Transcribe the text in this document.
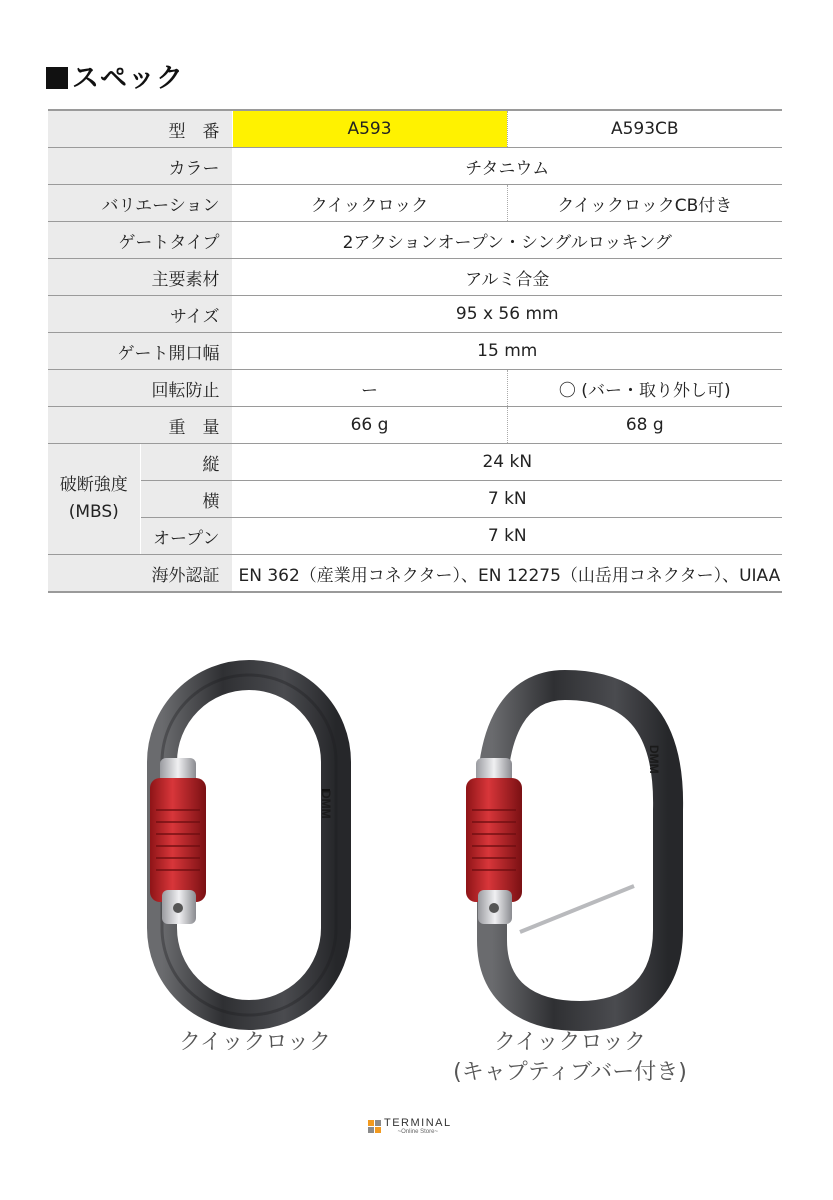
スペック
型　番		A593	A593CB
カラー		チタニウム	
バリエーション		クイックロック	クイックロックCB付き
ゲートタイプ		2アクションオープン・シングルロッキング	
主要素材		アルミ合金	
サイズ		95 x 56 mm	
ゲート開口幅		15 mm	
回転防止		ー	〇 (バー・取り外し可)
重　量		66 g	68 g

破断強度
(MBS)	縦	24 kN	
	横	7 kN	
	オープン	7 kN	
海外認証		EN 362（産業用コネクター）、EN 12275（山岳用コネクター）、UIAA	
DMM
DMM
クイックロック	クイックロック
(キャプティブバー付き)
TERMINAL
~Online Store~
